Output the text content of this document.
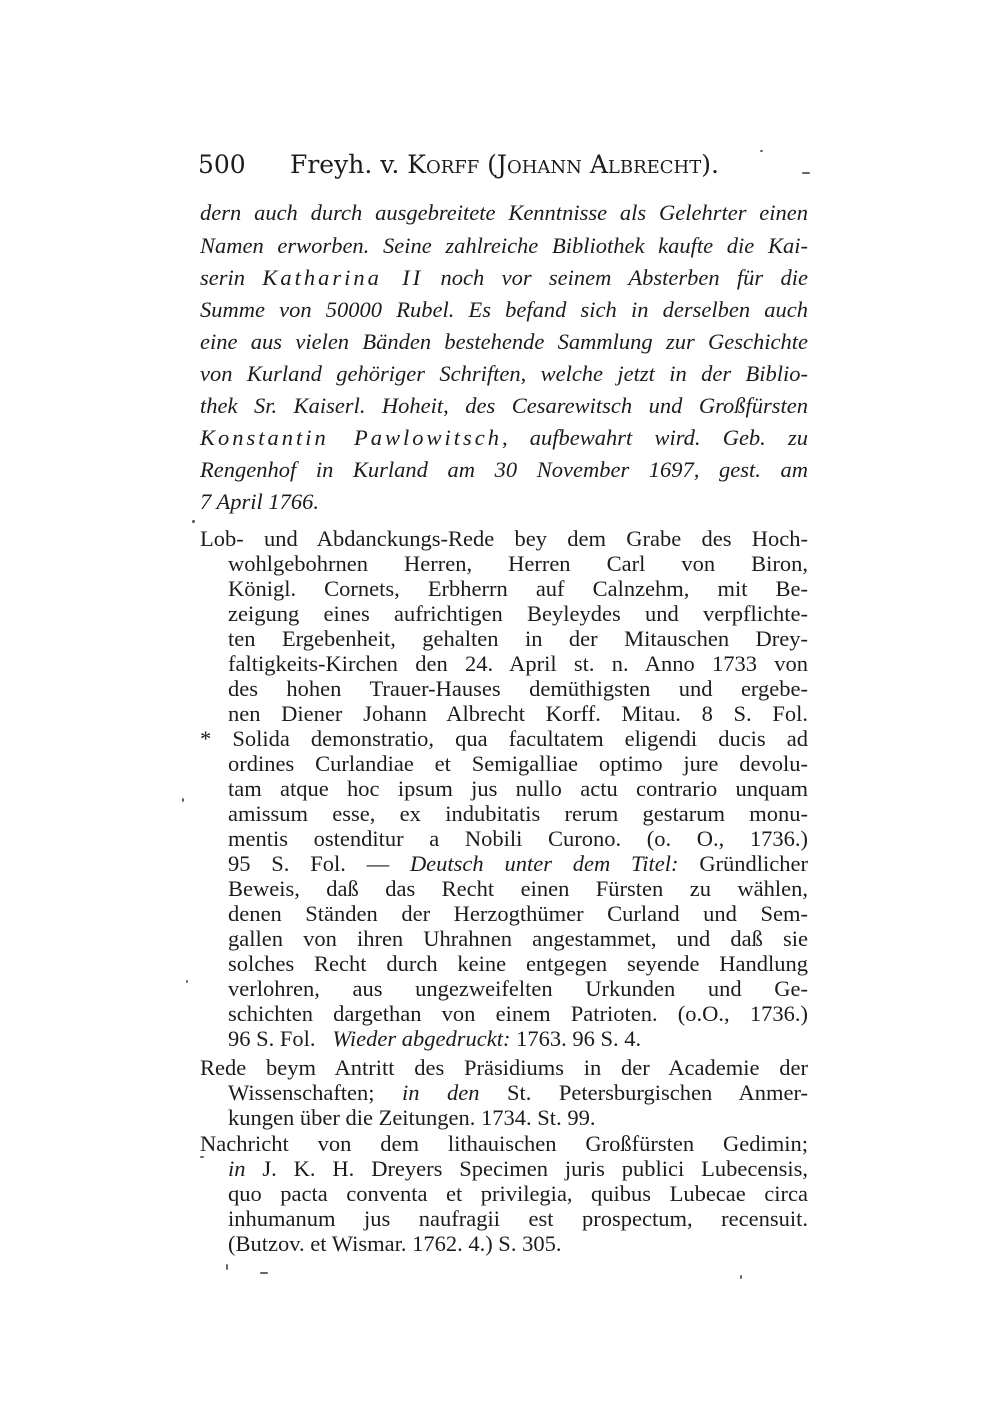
500 Freyh. v. Korff (Johann Albrecht).
dern auch durch ausgebreitete Kenntnisse als Gelehrter einen
Namen erworben. Seine zahlreiche Bibliothek kaufte die Kai-
serin Katharina II noch vor seinem Absterben für die
Summe von 50000 Rubel. Es befand sich in derselben auch
eine aus vielen Bänden bestehende Sammlung zur Geschichte
von Kurland gehöriger Schriften, welche jetzt in der Biblio-
thek Sr. Kaiserl. Hoheit, des Cesarewitsch und Großfürsten
Konstantin Pawlowitsch, aufbewahrt wird. Geb. zu
Rengenhof in Kurland am 30 November 1697, gest. am
7 April 1766.
Lob- und Abdanckungs-Rede bey dem Grabe des Hoch-
wohlgebohrnen Herren, Herren Carl von Biron,
Königl. Cornets, Erbherrn auf Calnzehm, mit Be-
zeigung eines aufrichtigen Beyleydes und verpflichte-
ten Ergebenheit, gehalten in der Mitauschen Drey-
faltigkeits-Kirchen den 24. April st. n. Anno 1733 von
des hohen Trauer-Hauses demüthigsten und ergebe-
nen Diener Johann Albrecht Korff. Mitau. 8 S. Fol.
* Solida demonstratio, qua facultatem eligendi ducis ad
ordines Curlandiae et Semigalliae optimo jure devolu-
tam atque hoc ipsum jus nullo actu contrario unquam
amissum esse, ex indubitatis rerum gestarum monu-
mentis ostenditur a Nobili Curono. (o. O., 1736.)
95 S. Fol. — Deutsch unter dem Titel: Gründlicher
Beweis, daß das Recht einen Fürsten zu wählen,
denen Ständen der Herzogthümer Curland und Sem-
gallen von ihren Uhrahnen angestammet, und daß sie
solches Recht durch keine entgegen seyende Handlung
verlohren, aus ungezweifelten Urkunden und Ge-
schichten dargethan von einem Patrioten. (o.O., 1736.)
96 S. Fol. Wieder abgedruckt: 1763. 96 S. 4.
Rede beym Antritt des Präsidiums in der Academie der
Wissenschaften; in den St. Petersburgischen Anmer-
kungen über die Zeitungen. 1734. St. 99.
Nachricht von dem lithauischen Großfürsten Gedimin;
in J. K. H. Dreyers Specimen juris publici Lubecensis,
quo pacta conventa et privilegia, quibus Lubecae circa
inhumanum jus naufragii est prospectum, recensuit.
(Butzov. et Wismar. 1762. 4.) S. 305.
